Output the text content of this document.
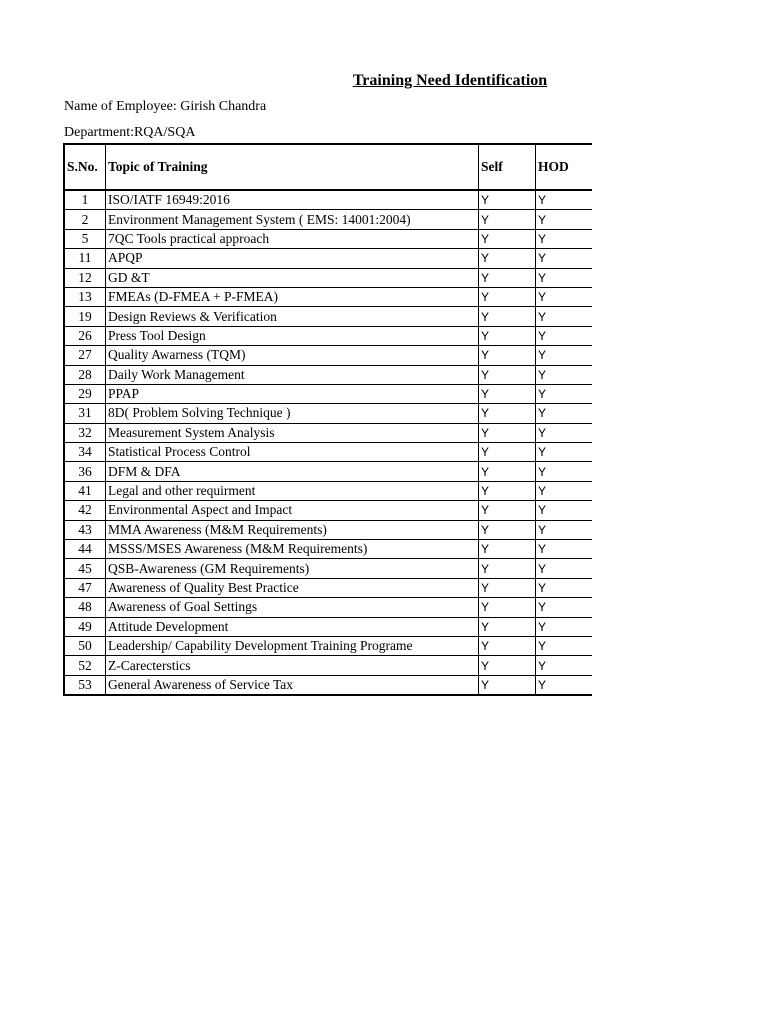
Training Need Identification
Name of Employee: Girish Chandra
Department:RQA/SQA
S.No.	Topic of Training	Self	HOD
1	ISO/IATF 16949:2016	Y	Y
2	Environment Management System ( EMS: 14001:2004)	Y	Y
5	7QC Tools practical approach	Y	Y
11	APQP	Y	Y
12	GD &T	Y	Y
13	FMEAs (D-FMEA + P-FMEA)	Y	Y
19	Design Reviews & Verification	Y	Y
26	Press Tool Design	Y	Y
27	Quality Awarness (TQM)	Y	Y
28	Daily Work Management	Y	Y
29	PPAP	Y	Y
31	8D( Problem Solving Technique )	Y	Y
32	Measurement System Analysis	Y	Y
34	Statistical Process Control	Y	Y
36	DFM & DFA	Y	Y
41	Legal and other requirment	Y	Y
42	Environmental Aspect and Impact	Y	Y
43	MMA Awareness (M&M Requirements)	Y	Y
44	MSSS/MSES Awareness (M&M Requirements)	Y	Y
45	QSB-Awareness (GM Requirements)	Y	Y
47	Awareness of Quality Best Practice	Y	Y
48	Awareness of Goal Settings	Y	Y
49	Attitude Development	Y	Y
50	Leadership/ Capability Development Training Programe	Y	Y
52	Z-Carecterstics	Y	Y
53	General Awareness of Service Tax	Y	Y
